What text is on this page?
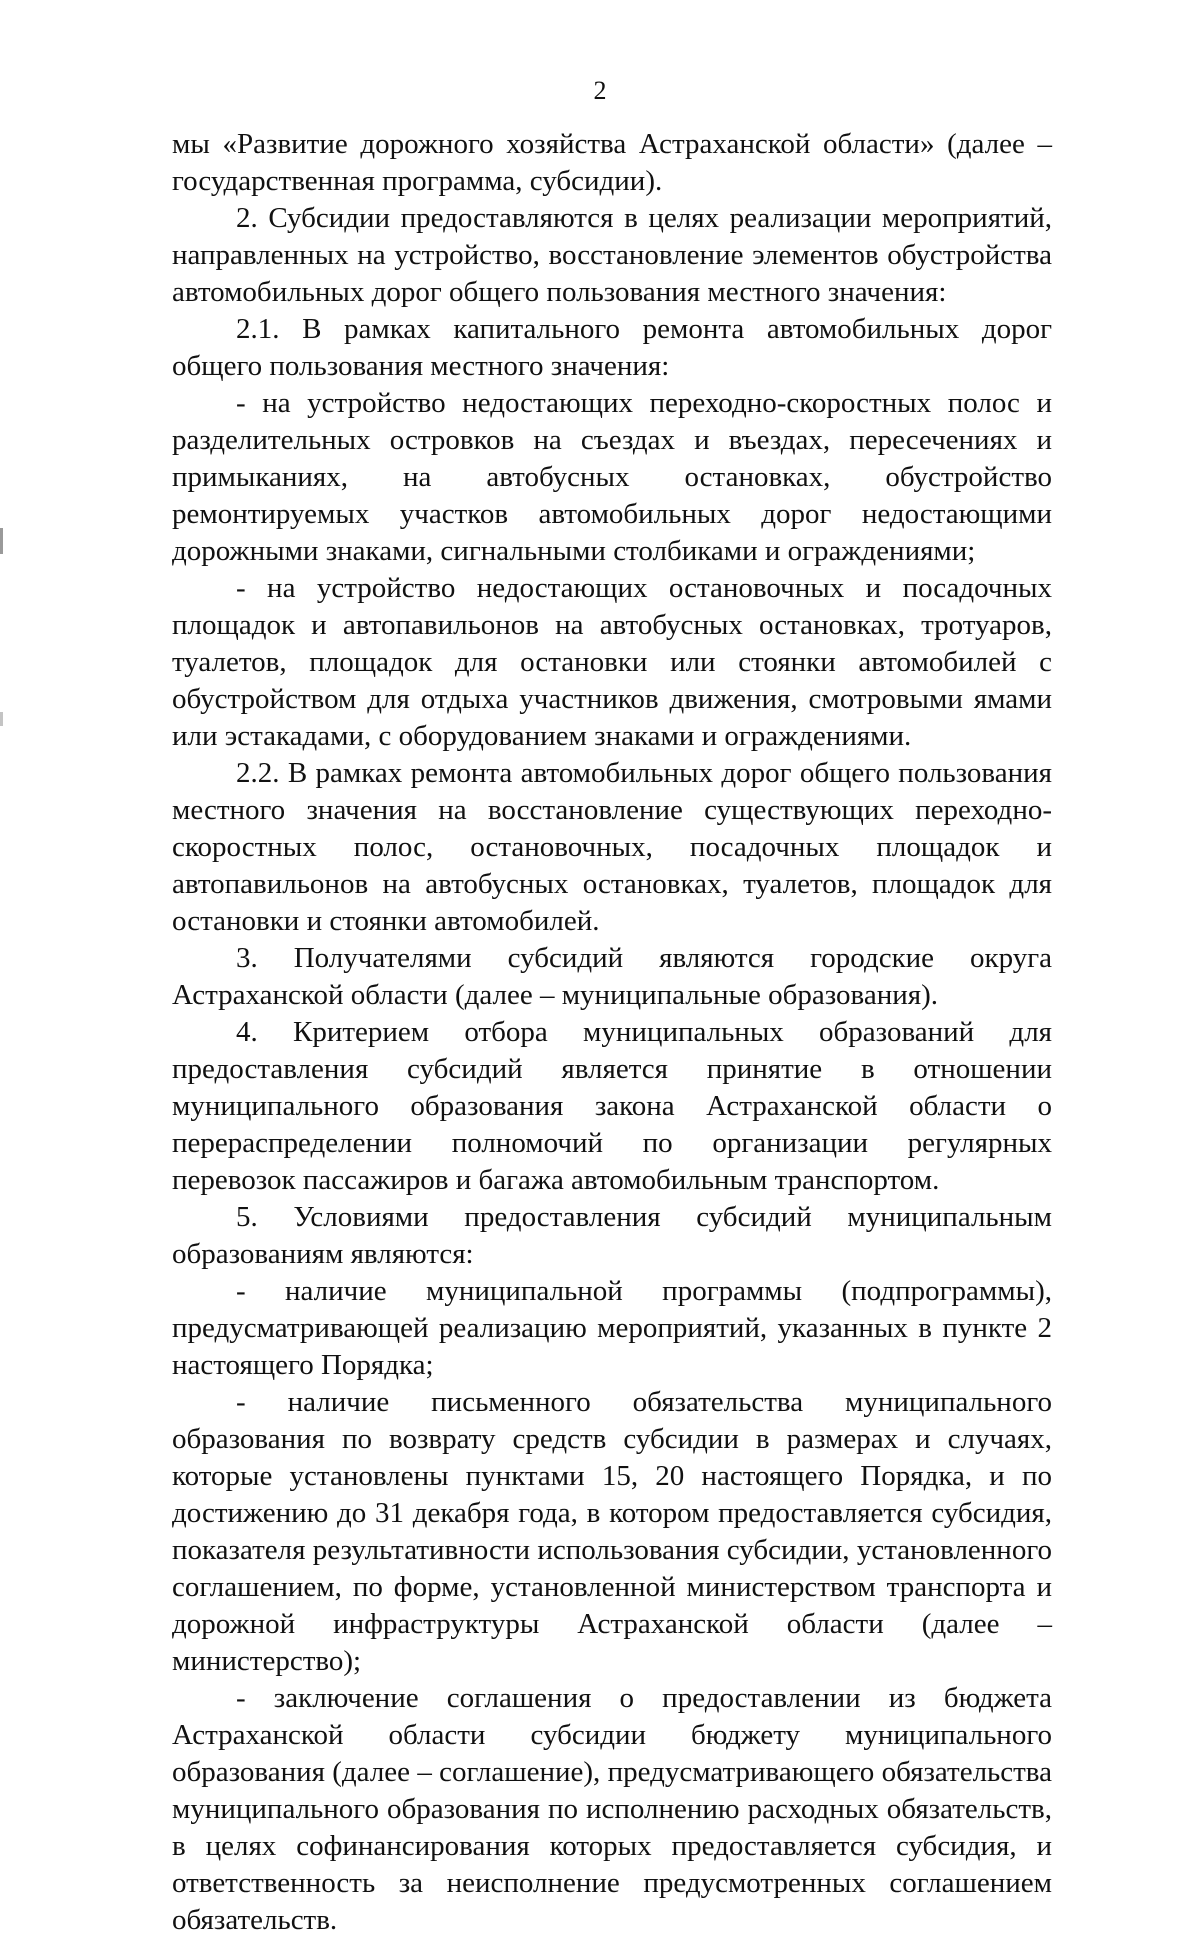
2

мы «Развитие дорожного хозяйства Астраханской области» (далее – государственная программа, субсидии).

2. Субсидии предоставляются в целях реализации мероприятий, направленных на устройство, восстановление элементов обустройства автомобильных дорог общего пользования местного значения:

2.1. В рамках капитального ремонта автомобильных дорог общего пользования местного значения:

- на устройство недостающих переходно-скоростных полос и разделительных островков на съездах и въездах, пересечениях и примыканиях, на автобусных остановках, обустройство ремонтируемых участков автомобильных дорог недостающими дорожными знаками, сигнальными столбиками и ограждениями;

- на устройство недостающих остановочных и посадочных площадок и автопавильонов на автобусных остановках, тротуаров, туалетов, площадок для остановки или стоянки автомобилей с обустройством для отдыха участников движения, смотровыми ямами или эстакадами, с оборудованием знаками и ограждениями.

2.2. В рамках ремонта автомобильных дорог общего пользования местного значения на восстановление существующих переходно-скоростных полос, остановочных, посадочных площадок и автопавильонов на автобусных остановках, туалетов, площадок для остановки и стоянки автомобилей.

3. Получателями субсидий являются городские округа Астраханской области (далее – муниципальные образования).

4. Критерием отбора муниципальных образований для предоставления субсидий является принятие в отношении муниципального образования закона Астраханской области о перераспределении полномочий по организации регулярных перевозок пассажиров и багажа автомобильным транспортом.

5. Условиями предоставления субсидий муниципальным образованиям являются:

- наличие муниципальной программы (подпрограммы), предусматривающей реализацию мероприятий, указанных в пункте 2 настоящего Порядка;

- наличие письменного обязательства муниципального образования по возврату средств субсидии в размерах и случаях, которые установлены пунктами 15, 20 настоящего Порядка, и по достижению до 31 декабря года, в котором предоставляется субсидия, показателя результативности использования субсидии, установленного соглашением, по форме, установленной министерством транспорта и дорожной инфраструктуры Астраханской области (далее – министерство);

- заключение соглашения о предоставлении из бюджета Астраханской области субсидии бюджету муниципального образования (далее – соглашение), предусматривающего обязательства муниципального образования по исполнению расходных обязательств, в целях софинансирования которых предоставляется субсидия, и ответственность за неисполнение предусмотренных соглашением обязательств.
